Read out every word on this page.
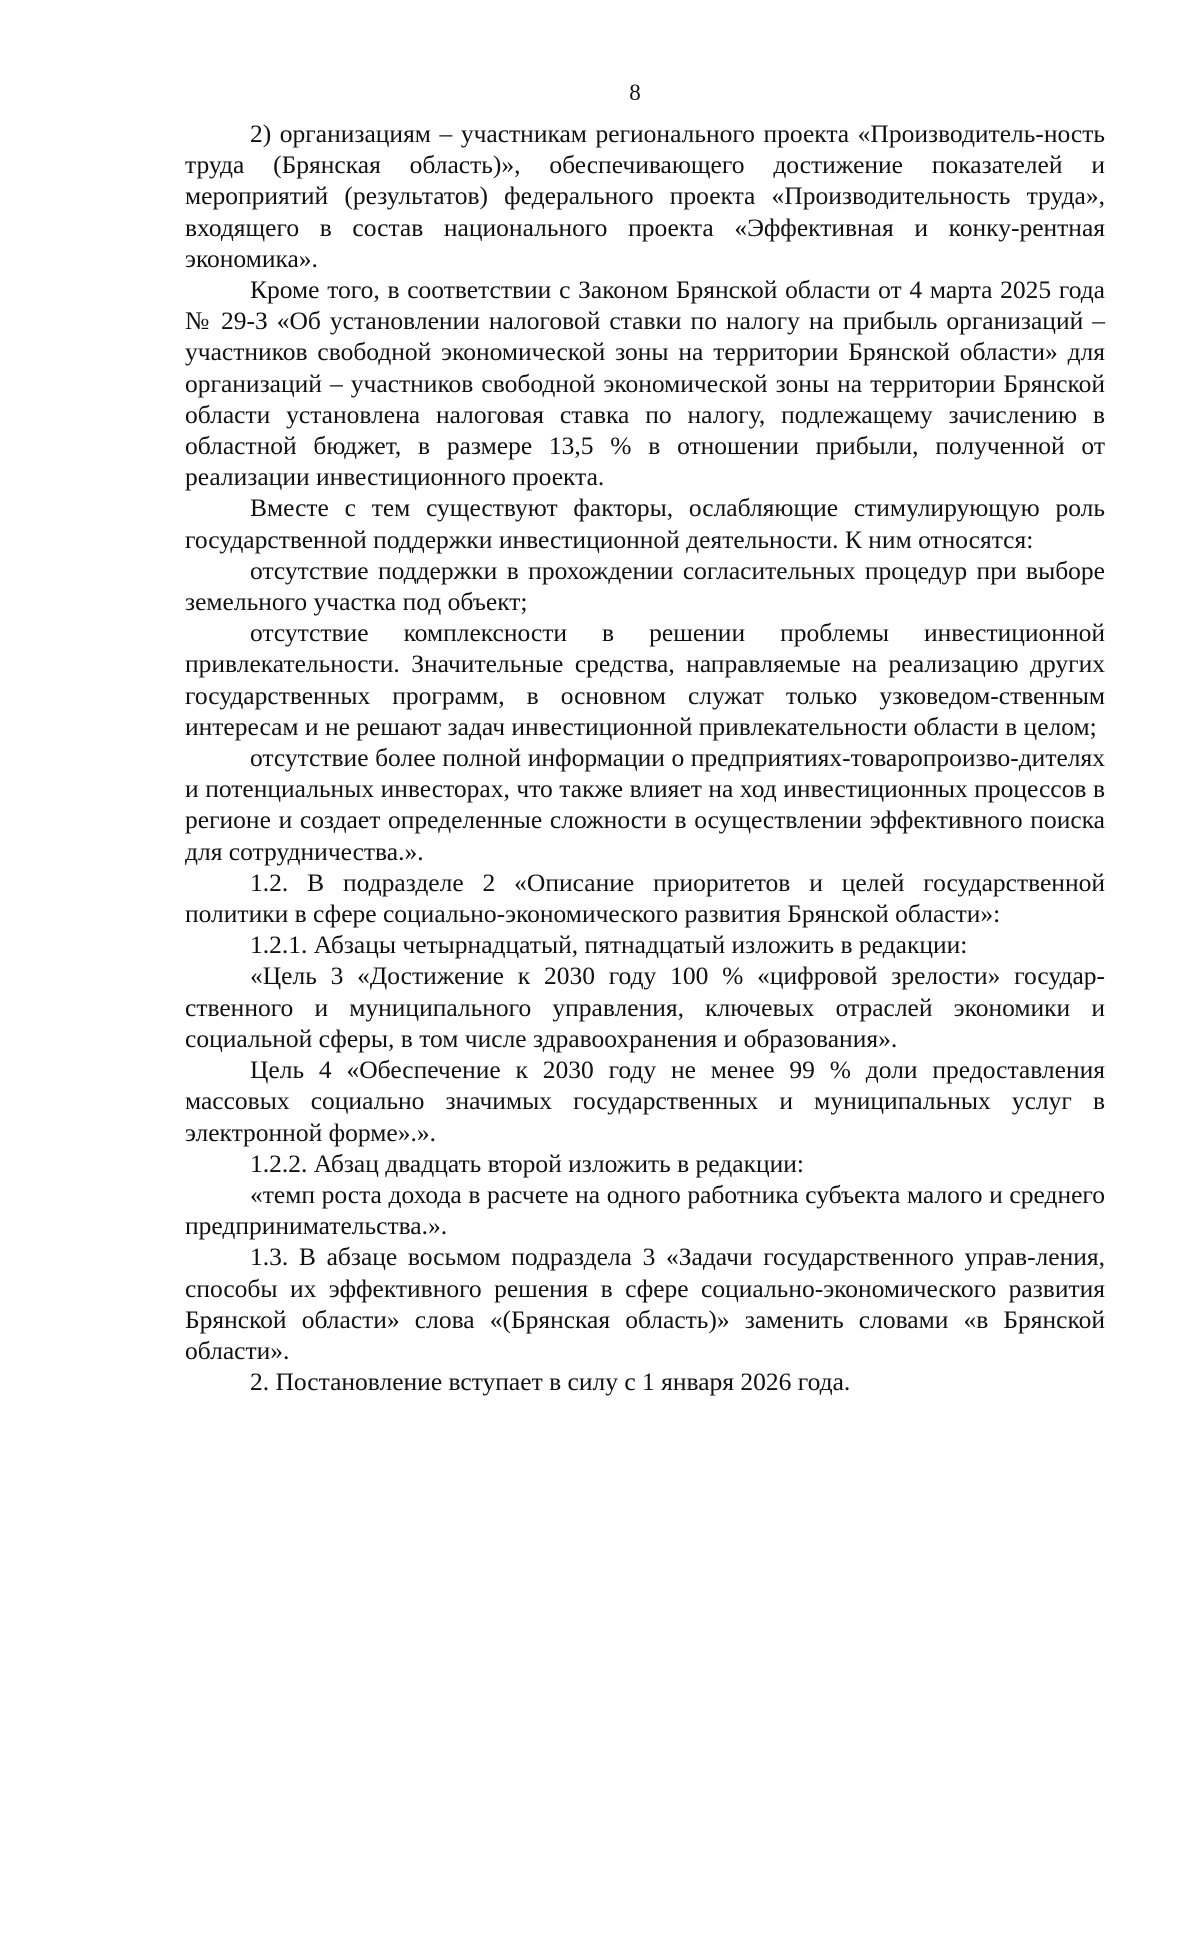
8

2) организациям – участникам регионального проекта «Производитель-ность труда (Брянская область)», обеспечивающего достижение показателей и мероприятий (результатов) федерального проекта «Производительность труда», входящего в состав национального проекта «Эффективная и конку-рентная экономика».

Кроме того, в соответствии с Законом Брянской области от 4 марта 2025 года № 29-З «Об установлении налоговой ставки по налогу на прибыль организаций – участников свободной экономической зоны на территории Брянской области» для организаций – участников свободной экономической зоны на территории Брянской области установлена налоговая ставка по налогу, подлежащему зачислению в областной бюджет, в размере 13,5 % в отношении прибыли, полученной от реализации инвестиционного проекта.

Вместе с тем существуют факторы, ослабляющие стимулирующую роль государственной поддержки инвестиционной деятельности. К ним относятся:

отсутствие поддержки в прохождении согласительных процедур при выборе земельного участка под объект;

отсутствие комплексности в решении проблемы инвестиционной привлекательности. Значительные средства, направляемые на реализацию других государственных программ, в основном служат только узковедом-ственным интересам и не решают задач инвестиционной привлекательности области в целом;

отсутствие более полной информации о предприятиях-товаропроизво-дителях и потенциальных инвесторах, что также влияет на ход инвестиционных процессов в регионе и создает определенные сложности в осуществлении эффективного поиска для сотрудничества.».

1.2. В подразделе 2 «Описание приоритетов и целей государственной политики в сфере социально-экономического развития Брянской области»:

1.2.1. Абзацы четырнадцатый, пятнадцатый изложить в редакции:

«Цель 3 «Достижение к 2030 году 100 % «цифровой зрелости» государ-ственного и муниципального управления, ключевых отраслей экономики и социальной сферы, в том числе здравоохранения и образования».

Цель 4 «Обеспечение к 2030 году не менее 99 % доли предоставления массовых социально значимых государственных и муниципальных услуг в электронной форме».».

1.2.2. Абзац двадцать второй изложить в редакции:

«темп роста дохода в расчете на одного работника субъекта малого и среднего предпринимательства.».

1.3. В абзаце восьмом подраздела 3 «Задачи государственного управ-ления, способы их эффективного решения в сфере социально-экономического развития Брянской области» слова «(Брянская область)» заменить словами «в Брянской области».

2. Постановление вступает в силу с 1 января 2026 года.
